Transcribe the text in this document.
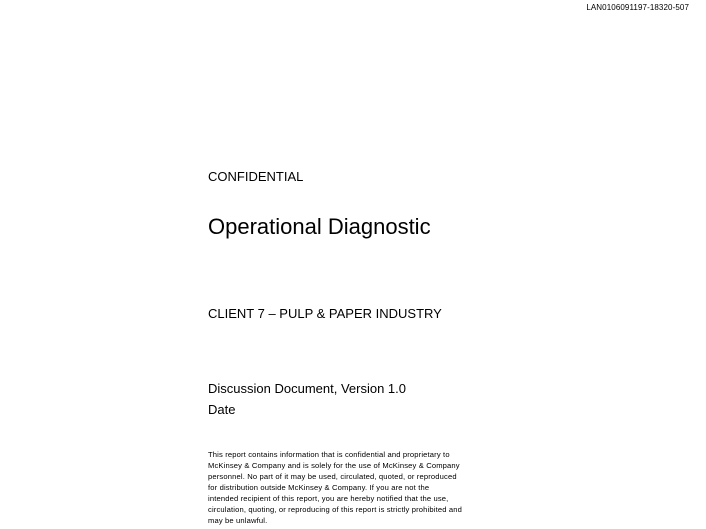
LAN0106091197-18320-507
CONFIDENTIAL
Operational Diagnostic
CLIENT 7 – PULP & PAPER INDUSTRY
Discussion Document, Version 1.0
Date
This report contains information that is confidential and proprietary to
McKinsey & Company and is solely for the use of McKinsey & Company
personnel. No part of it may be used, circulated, quoted, or reproduced
for distribution outside McKinsey & Company. If you are not the
intended recipient of this report, you are hereby notified that the use,
circulation, quoting, or reproducing of this report is strictly prohibited and
may be unlawful.
